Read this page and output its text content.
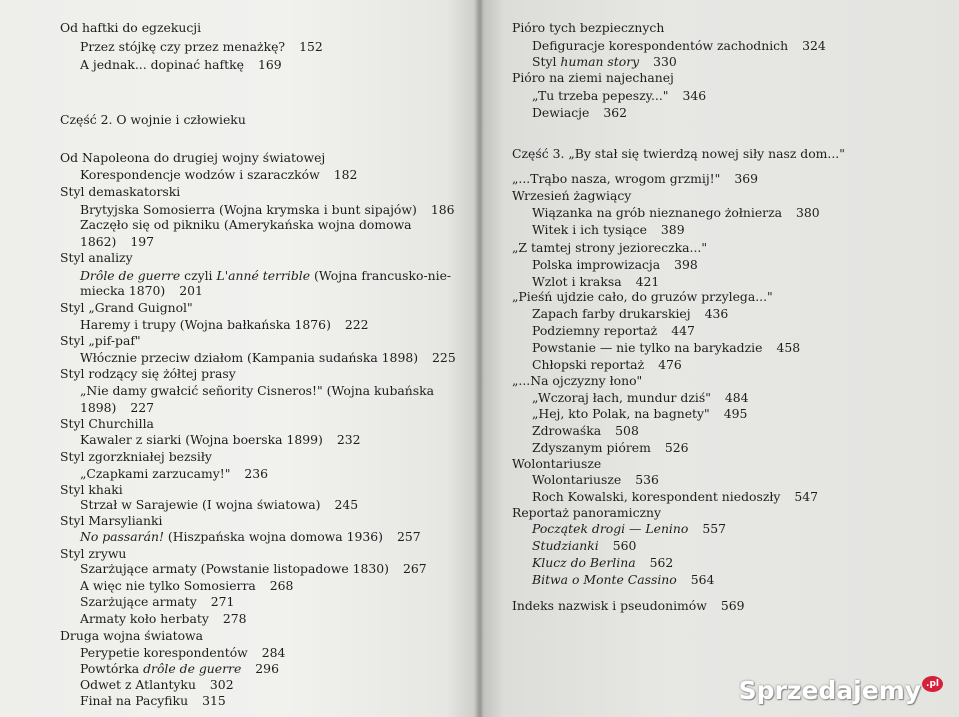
Od haftki do egzekucji
Przez stójkę czy przez menażkę? 152
A jednak... dopinać haftkę 169
Część 2. O wojnie i człowieku
Od Napoleona do drugiej wojny światowej
Korespondencje wodzów i szaraczków 182
Styl demaskatorski
Brytyjska Somosierra (Wojna krymska i bunt sipajów) 186
Zaczęło się od pikniku (Amerykańska wojna domowa
1862) 197
Styl analizy
Drôle de guerre czyli L'anné terrible (Wojna francusko-nie-
miecka 1870) 201
Styl „Grand Guignol"
Haremy i trupy (Wojna bałkańska 1876) 222
Styl „pif-paf"
Włócznie przeciw działom (Kampania sudańska 1898) 225
Styl rodzący się żółtej prasy
„Nie damy gwałcić señority Cisneros!" (Wojna kubańska
1898) 227
Styl Churchilla
Kawaler z siarki (Wojna boerska 1899) 232
Styl zgorzkniałej bezsiły
„Czapkami zarzucamy!" 236
Styl khaki
Strzał w Sarajewie (I wojna światowa) 245
Styl Marsylianki
No passarán! (Hiszpańska wojna domowa 1936) 257
Styl zrywu
Szarżujące armaty (Powstanie listopadowe 1830) 267
A więc nie tylko Somosierra 268
Szarżujące armaty 271
Armaty koło herbaty 278
Druga wojna światowa
Perypetie korespondentów 284
Powtórka drôle de guerre 296
Odwet z Atlantyku 302
Finał na Pacyfiku 315
Pióro tych bezpiecznych
Defiguracje korespondentów zachodnich 324
Styl human story 330
Pióro na ziemi najechanej
„Tu trzeba pepeszy..." 346
Dewiacje 362
Część 3. „By stał się twierdzą nowej siły nasz dom..."
„...Trąbo nasza, wrogom grzmij!" 369
Wrzesień żagwiący
Wiązanka na grób nieznanego żołnierza 380
Witek i ich tysiące 389
„Z tamtej strony jezioreczka..."
Polska improwizacja 398
Wzlot i kraksa 421
„Pieśń ujdzie cało, do gruzów przylega..."
Zapach farby drukarskiej 436
Podziemny reportaż 447
Powstanie — nie tylko na barykadzie 458
Chłopski reportaż 476
„...Na ojczyzny łono"
„Wczoraj łach, mundur dziś" 484
„Hej, kto Polak, na bagnety" 495
Zdrowaśka 508
Zdyszanym piórem 526
Wolontariusze
Wolontariusze 536
Roch Kowalski, korespondent niedoszły 547
Reportaż panoramiczny
Początek drogi — Lenino 557
Studzianki 560
Klucz do Berlina 562
Bitwa o Monte Cassino 564
Indeks nazwisk i pseudonimów 569
Sprzedajemy .pl
